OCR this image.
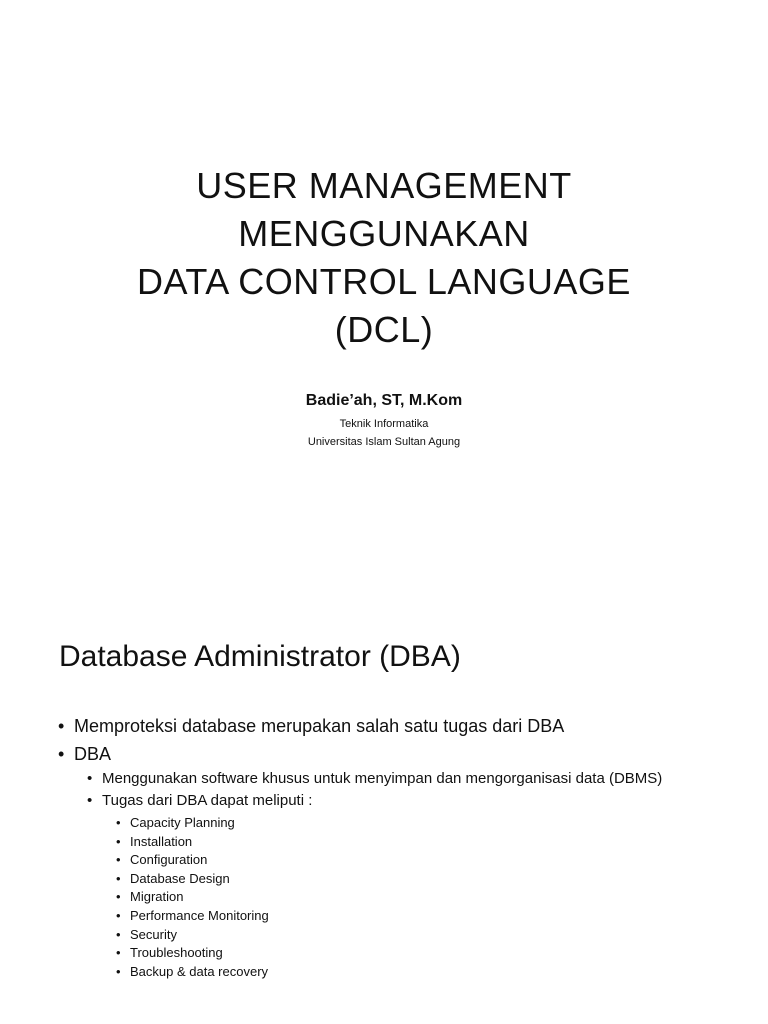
USER MANAGEMENT
MENGGUNAKAN
DATA CONTROL LANGUAGE
(DCL)
Badie’ah, ST, M.Kom
Teknik Informatika
Universitas Islam Sultan Agung
Database Administrator (DBA)
• Memproteksi database merupakan salah satu tugas dari DBA
• DBA
• Menggunakan software khusus untuk menyimpan dan mengorganisasi data (DBMS)
• Tugas dari DBA dapat meliputi :
• Capacity Planning
• Installation
• Configuration
• Database Design
• Migration
• Performance Monitoring
• Security
• Troubleshooting
• Backup & data recovery
